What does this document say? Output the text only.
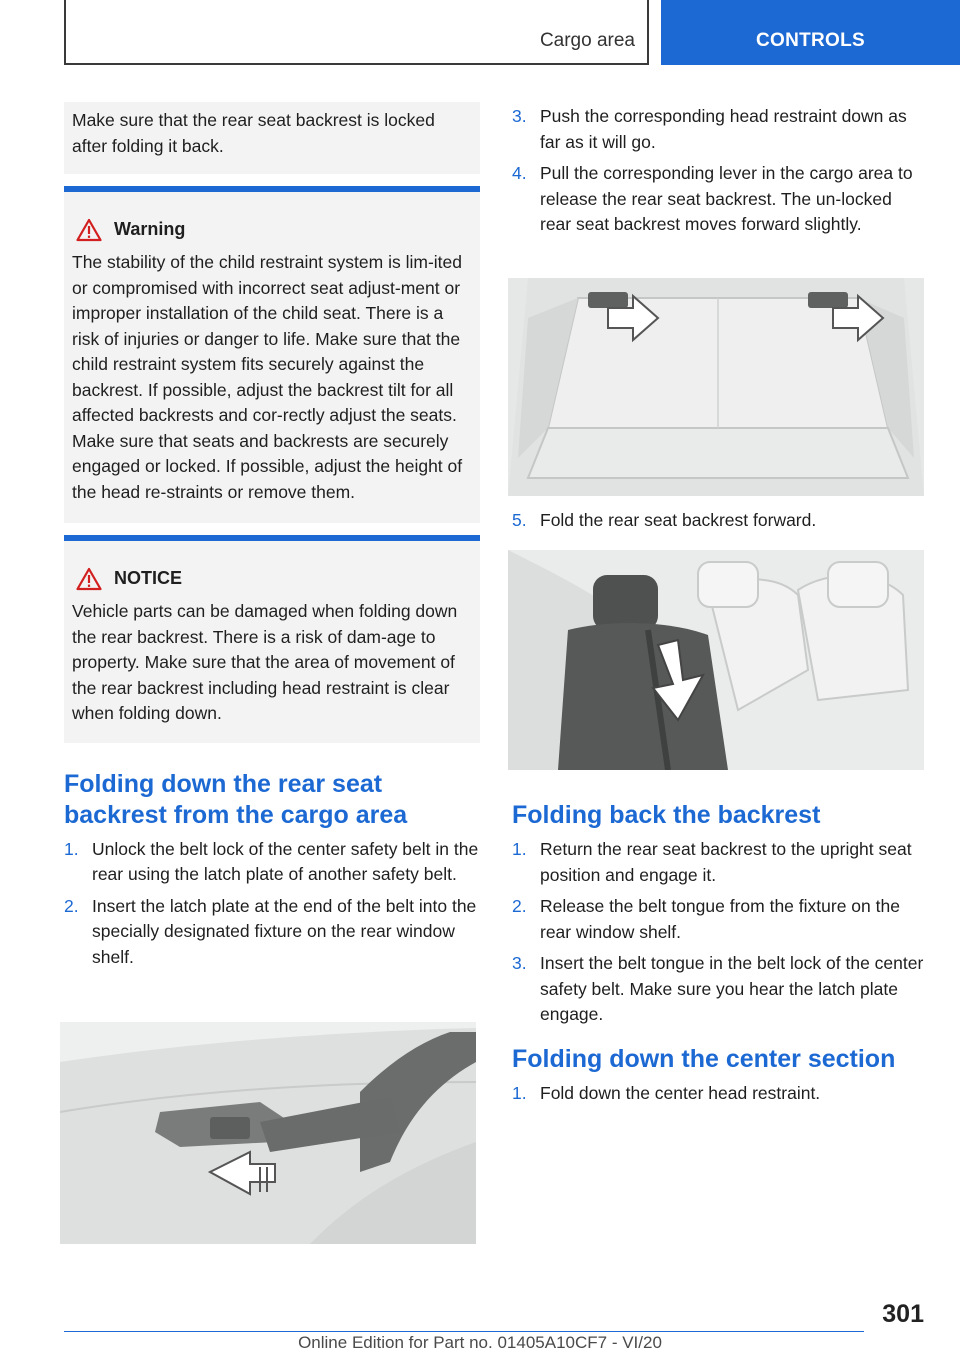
Cargo area	CONTROLS

Make sure that the rear seat backrest is locked after folding it back.

Warning

The stability of the child restraint system is lim-ited or compromised with incorrect seat adjust-ment or improper installation of the child seat. There is a risk of injuries or danger to life. Make sure that the child restraint system fits securely against the backrest. If possible, adjust the backrest tilt for all affected backrests and cor-rectly adjust the seats. Make sure that seats and backrests are securely engaged or locked. If possible, adjust the height of the head re-straints or remove them.

NOTICE

Vehicle parts can be damaged when folding down the rear backrest. There is a risk of dam-age to property. Make sure that the area of movement of the rear backrest including head restraint is clear when folding down.

Folding down the rear seat backrest from the cargo area
1. Unlock the belt lock of the center safety belt in the rear using the latch plate of another safety belt.
2. Insert the latch plate at the end of the belt into the specially designated fixture on the rear window shelf.
3. Push the corresponding head restraint down as far as it will go.
4. Pull the corresponding lever in the cargo area to release the rear seat backrest. The un-locked rear seat backrest moves forward slightly.
5. Fold the rear seat backrest forward.
Folding back the backrest
1. Return the rear seat backrest to the upright seat position and engage it.
2. Release the belt tongue from the fixture on the rear window shelf.
3. Insert the belt tongue in the belt lock of the center safety belt. Make sure you hear the latch plate engage.
Folding down the center section
1. Fold down the center head restraint.
301
Online Edition for Part no. 01405A10CF7 - VI/20
